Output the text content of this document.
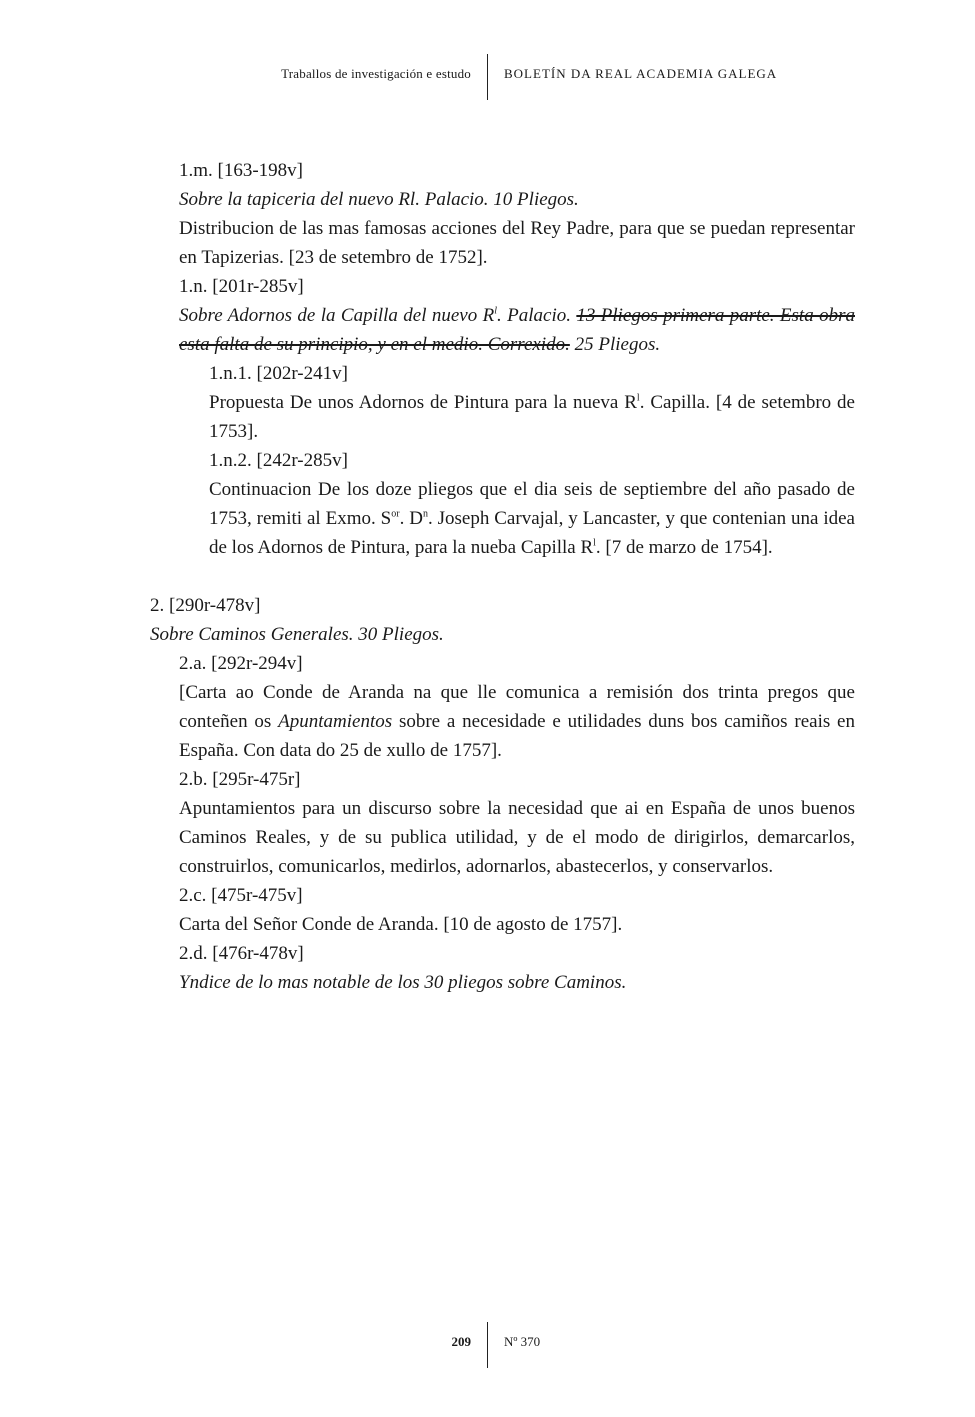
Traballos de investigación e estudo	BOLETÍN DA REAL ACADEMIA GALEGA
1.m. [163-198v]
Sobre la tapiceria del nuevo Rl. Palacio. 10 Pliegos.
Distribucion de las mas famosas acciones del Rey Padre, para que se puedan representar en Tapizerias. [23 de setembro de 1752].
1.n. [201r-285v]
Sobre Adornos de la Capilla del nuevo $R^l$. Palacio. 13 Pliegos primera parte. Esta obra esta falta de su principio, y en el medio. Correxido. 25 Pliegos.
1.n.1. [202r-241v]
Propuesta De unos Adornos de Pintura para la nueva $R^l$. Capilla. [4 de setembro de 1753].
1.n.2. [242r-285v]
Continuacion De los doze pliegos que el dia seis de septiembre del año pasado de 1753, remiti al Exmo. $S^{or}$. $D^n$. Joseph Carvajal, y Lancaster, y que contenian una idea de los Adornos de Pintura, para la nueba Capilla $R^l$. [7 de marzo de 1754].
2. [290r-478v]
Sobre Caminos Generales. 30 Pliegos.
2.a. [292r-294v]
[Carta ao Conde de Aranda na que lle comunica a remisión dos trinta pregos que conteñen os Apuntamientos sobre a necesidade e utilidades duns bos camiños reais en España. Con data do 25 de xullo de 1757].
2.b. [295r-475r]
Apuntamientos para un discurso sobre la necesidad que ai en España de unos buenos Caminos Reales, y de su publica utilidad, y de el modo de dirigirlos, demarcarlos, construirlos, comunicarlos, medirlos, adornarlos, abastecerlos, y conservarlos.
2.c. [475r-475v]
Carta del Señor Conde de Aranda. [10 de agosto de 1757].
2.d. [476r-478v]
Yndice de lo mas notable de los 30 pliegos sobre Caminos.
209	Nº 370
